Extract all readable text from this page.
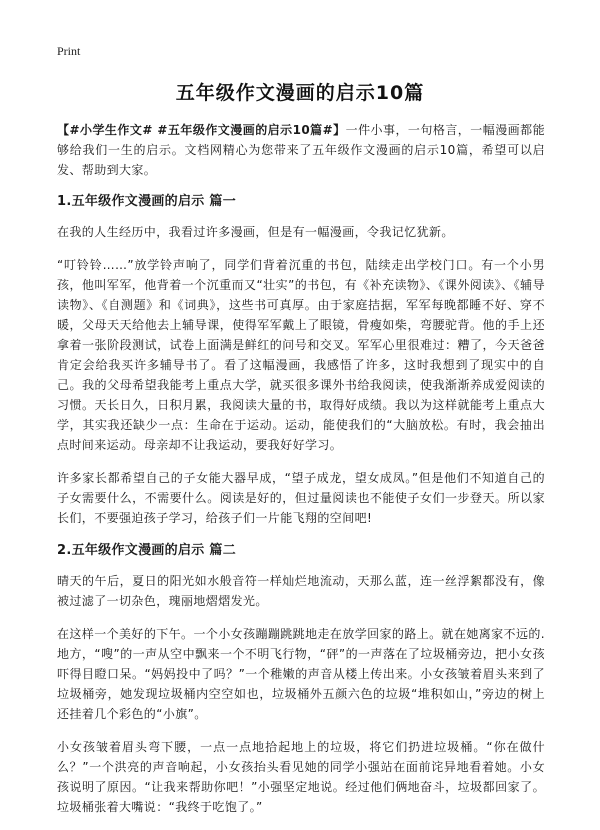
Print
五年级作文漫画的启示10篇

【#小学生作文# #五年级作文漫画的启示10篇#】一件小事，一句格言，一幅漫画都能够给我们一生的启示。文档网精心为您带来了五年级作文漫画的启示10篇，希望可以启发、帮助到大家。

1.五年级作文漫画的启示 篇一

在我的人生经历中，我看过许多漫画，但是有一幅漫画，令我记忆犹新。

“叮铃铃……”放学铃声响了，同学们背着沉重的书包，陆续走出学校门口。有一个小男孩，他叫军军，他背着一个沉重而又“壮实”的书包，有《补充读物》、《课外阅读》、《辅导读物》、《自测题》和《词典》，这些书可真厚。由于家庭拮据，军军每晚都睡不好、穿不暖，父母天天给他去上辅导课，使得军军戴上了眼镜，骨瘦如柴，弯腰驼背。他的手上还拿着一张阶段测试，试卷上面满是鲜红的问号和交叉。军军心里很难过：糟了，今天爸爸肯定会给我买许多辅导书了。看了这幅漫画，我感悟了许多，这时我想到了现实中的自己。我的父母希望我能考上重点大学，就买很多课外书给我阅读，使我渐渐养成爱阅读的习惯。天长日久，日积月累，我阅读大量的书，取得好成绩。我以为这样就能考上重点大学，其实我还缺少一点：生命在于运动。运动，能使我们的“大脑放松。有时，我会抽出点时间来运动。母亲却不让我运动，要我好好学习。

许多家长都希望自己的子女能大器早成，“望子成龙，望女成凤。”但是他们不知道自己的子女需要什么，不需要什么。阅读是好的，但过量阅读也不能使子女们一步登天。所以家长们，不要强迫孩子学习，给孩子们一片能飞翔的空间吧!

2.五年级作文漫画的启示 篇二

晴天的午后，夏日的阳光如水般音符一样灿烂地流动，天那么蓝，连一丝浮絮都没有，像被过滤了一切杂色，瑰丽地熠熠发光。

在这样一个美好的下午。一个小女孩蹦蹦跳跳地走在放学回家的路上。就在她离家不远的.地方，“嗖”的一声从空中飘来一个不明飞行物，“砰”的一声落在了垃圾桶旁边，把小女孩吓得目瞪口呆。“妈妈投中了吗？”一个稚嫩的声音从楼上传出来。小女孩皱着眉头来到了垃圾桶旁，她发现垃圾桶内空空如也，垃圾桶外五颜六色的垃圾“堆积如山，”旁边的树上还挂着几个彩色的“小旗”。

小女孩皱着眉头弯下腰，一点一点地拾起地上的垃圾，将它们扔进垃圾桶。“你在做什么？”一个洪亮的声音响起，小女孩抬头看见她的同学小强站在面前诧异地看着她。小女孩说明了原因。“让我来帮助你吧！”小强坚定地说。经过他们俩地奋斗，垃圾都回家了。垃圾桶张着大嘴说：“我终于吃饱了。”
